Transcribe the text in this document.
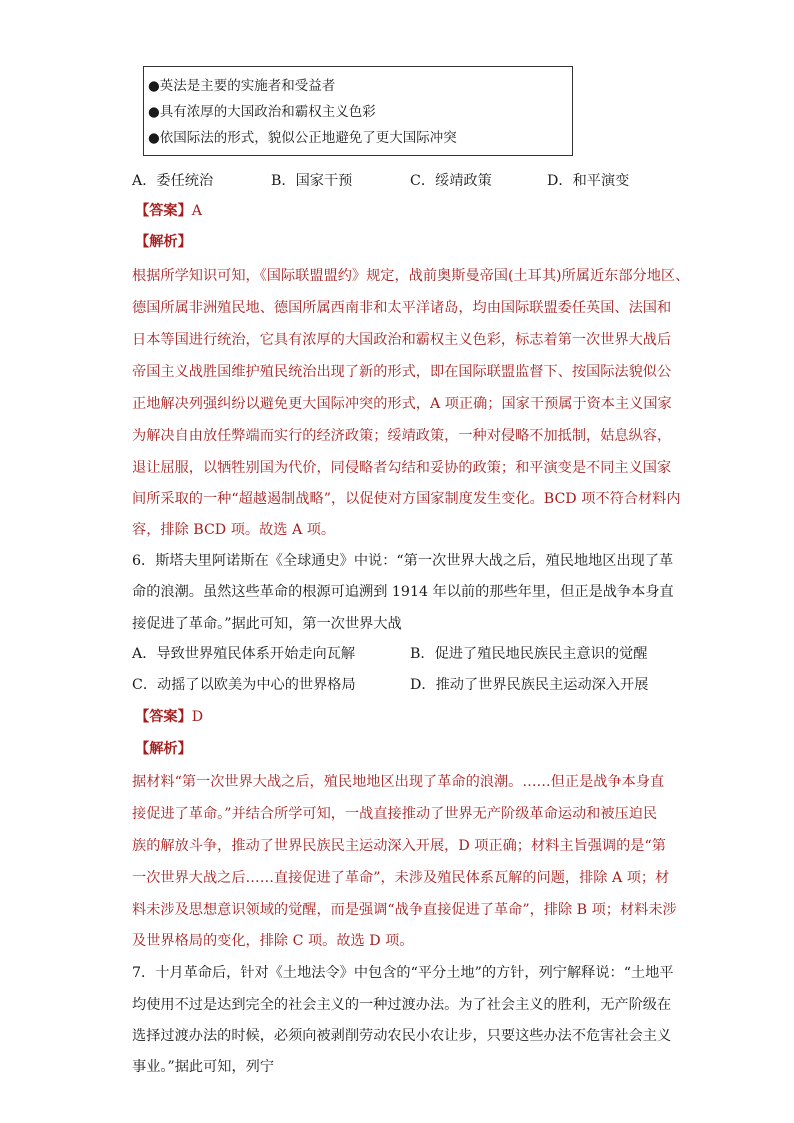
●英法是主要的实施者和受益者
●具有浓厚的大国政治和霸权主义色彩
●依国际法的形式，貌似公正地避免了更大国际冲突
A．委任统治	B．国家干预	C．绥靖政策	D．和平演变
【答案】A
【解析】
根据所学知识可知，《国际联盟盟约》规定，战前奥斯曼帝国(土耳其)所属近东部分地区、
德国所属非洲殖民地、德国所属西南非和太平洋诸岛，均由国际联盟委任英国、法国和
日本等国进行统治，它具有浓厚的大国政治和霸权主义色彩，标志着第一次世界大战后
帝国主义战胜国维护殖民统治出现了新的形式，即在国际联盟监督下、按国际法貌似公
正地解决列强纠纷以避免更大国际冲突的形式，A 项正确；国家干预属于资本主义国家
为解决自由放任弊端而实行的经济政策；绥靖政策，一种对侵略不加抵制，姑息纵容，
退让屈服，以牺牲别国为代价，同侵略者勾结和妥协的政策；和平演变是不同主义国家
间所采取的一种“超越遏制战略”，以促使对方国家制度发生变化。BCD 项不符合材料内
容，排除 BCD 项。故选 A 项。
6．斯塔夫里阿诺斯在《全球通史》中说：“第一次世界大战之后，殖民地地区出现了革
命的浪潮。虽然这些革命的根源可追溯到 1914 年以前的那些年里，但正是战争本身直
接促进了革命。”据此可知，第一次世界大战
A．导致世界殖民体系开始走向瓦解	B．促进了殖民地民族民主意识的觉醒
C．动摇了以欧美为中心的世界格局	D．推动了世界民族民主运动深入开展
【答案】D
【解析】
据材料“第一次世界大战之后，殖民地地区出现了革命的浪潮。……但正是战争本身直
接促进了革命。”并结合所学可知，一战直接推动了世界无产阶级革命运动和被压迫民
族的解放斗争，推动了世界民族民主运动深入开展，D 项正确；材料主旨强调的是“第
一次世界大战之后……直接促进了革命”，未涉及殖民体系瓦解的问题，排除 A 项；材
料未涉及思想意识领域的觉醒，而是强调“战争直接促进了革命”，排除 B 项；材料未涉
及世界格局的变化，排除 C 项。故选 D 项。
7．十月革命后，针对《土地法令》中包含的“平分土地”的方针，列宁解释说：“土地平
均使用不过是达到完全的社会主义的一种过渡办法。为了社会主义的胜利，无产阶级在
选择过渡办法的时候，必须向被剥削劳动农民小农让步，只要这些办法不危害社会主义
事业。”据此可知，列宁
